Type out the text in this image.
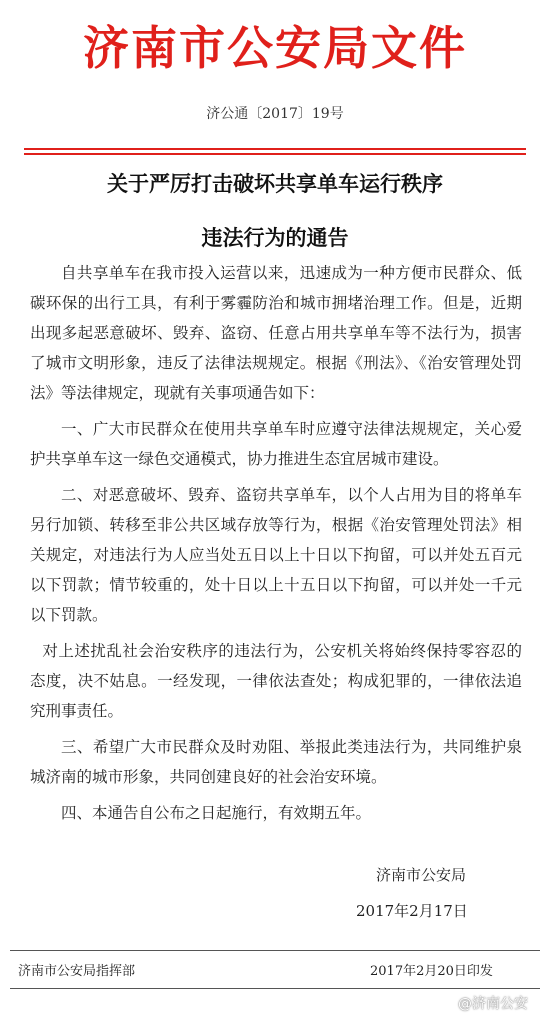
济南市公安局文件
济公通〔2017〕19号
关于严厉打击破坏共享单车运行秩序
违法行为的通告

自共享单车在我市投入运营以来，迅速成为一种方便市民群众、低碳环保的出行工具，有利于雾霾防治和城市拥堵治理工作。但是，近期出现多起恶意破坏、毁弃、盗窃、任意占用共享单车等不法行为，损害了城市文明形象，违反了法律法规规定。根据《刑法》、《治安管理处罚法》等法律规定，现就有关事项通告如下：

一、广大市民群众在使用共享单车时应遵守法律法规规定，关心爱护共享单车这一绿色交通模式，协力推进生态宜居城市建设。

二、对恶意破坏、毁弃、盗窃共享单车，以个人占用为目的将单车另行加锁、转移至非公共区域存放等行为，根据《治安管理处罚法》相关规定，对违法行为人应当处五日以上十日以下拘留，可以并处五百元以下罚款；情节较重的，处十日以上十五日以下拘留，可以并处一千元以下罚款。

对上述扰乱社会治安秩序的违法行为，公安机关将始终保持零容忍的态度，决不姑息。一经发现，一律依法查处；构成犯罪的，一律依法追究刑事责任。

三、希望广大市民群众及时劝阻、举报此类违法行为，共同维护泉城济南的城市形象，共同创建良好的社会治安环境。

四、本通告自公布之日起施行，有效期五年。

济南市公安局
2017年2月17日
济南市公安局指挥部	2017年2月20日印发
@济南公安
